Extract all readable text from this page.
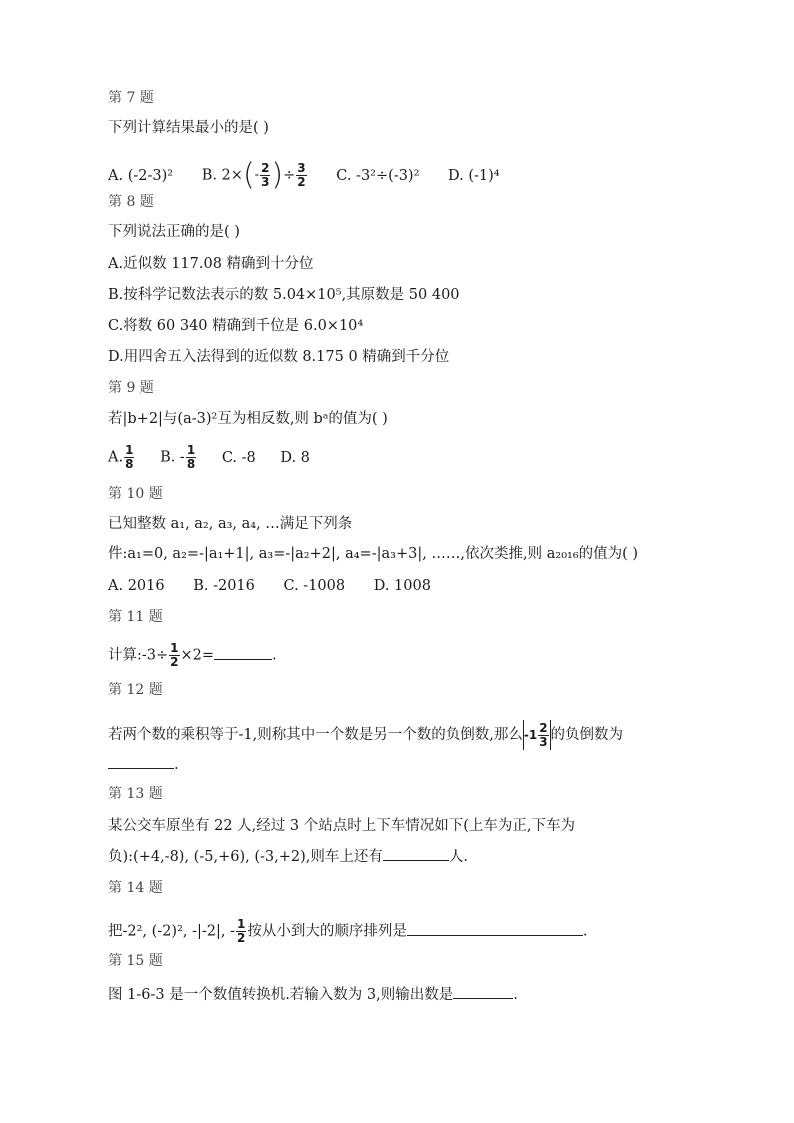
第 7 题
下列计算结果最小的是( )
A. (-2-3)² B. $2\times(- \frac{2}{3}$ )÷ $\frac{3}{2} C$. -3²÷(-3)² D. (-1)⁴
第 8 题
下列说法正确的是( )
A.近似数 117.08 精确到十分位
B.按科学记数法表示的数 5.04×10⁵,其原数是 50 400
C.将数 60 340 精确到千位是 6.0×10⁴
D.用四舍五入法得到的近似数 8.175 0 精确到千分位
第 9 题
若|b+2|与(a-3)²互为相反数,则 bᵃ的值为( )
A. $\frac{1}{8} B$. - $\frac{1}{8} C$. -8 D. 8
第 10 题
已知整数 a₁, a₂, a₃, a₄, …满足下列条
件:a₁=0, a₂=-|a₁+1|, a₃=-|a₂+2|, a₄=-|a₃+3|, ……,依次类推,则 a₂₀₁₆的值为( )
A. 2016 B. -2016 C. -1008 D. 1008
第 11 题
计算:-3÷ $\frac{1}{2} \times 2=$	.
第 12 题
若两个数的乘积等于-1,则称其中一个数是另一个数的负倒数,那么$-1 \frac{2}{3}$ 的负倒数为
.
第 13 题
某公交车原坐有 22 人,经过 3 个站点时上下车情况如下(上车为正,下车为
负):(+4,-8), (-5,+6), (-3,+2),则车上还有	人.
第 14 题
把-2², (-2)², -|-2|, - $\frac{1}{2}$ 按从小到大的顺序排列是	.
第 15 题
图 1-6-3 是一个数值转换机.若输入数为 3,则输出数是	.
